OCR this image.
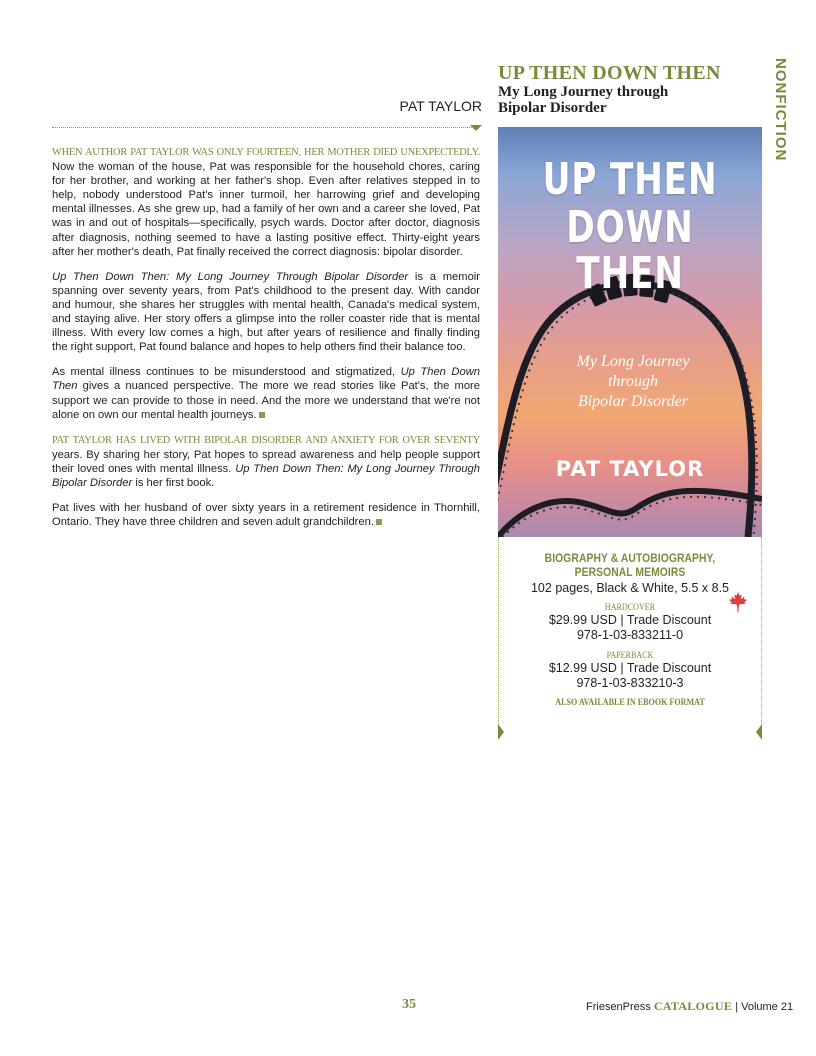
NONFICTION
PAT TAYLOR
UP THEN DOWN THEN
My Long Journey through
Bipolar Disorder

WHEN AUTHOR PAT TAYLOR WAS ONLY FOURTEEN, HER MOTHER DIED UNEXPECTEDLY. Now the woman of the house, Pat was responsible for the household chores, caring for her brother, and working at her father's shop. Even after relatives stepped in to help, nobody understood Pat's inner turmoil, her harrowing grief and developing mental illnesses. As she grew up, had a family of her own and a career she loved, Pat was in and out of hospitals—specifically, psych wards. Doctor after doctor, diagnosis after diagnosis, nothing seemed to have a lasting positive effect. Thirty-eight years after her mother's death, Pat finally received the correct diagnosis: bipolar disorder.

Up Then Down Then: My Long Journey Through Bipolar Disorder is a memoir spanning over seventy years, from Pat's childhood to the present day. With candor and humour, she shares her struggles with mental health, Canada's medical system, and staying alive. Her story offers a glimpse into the roller coaster ride that is mental illness. With every low comes a high, but after years of resilience and finally finding the right support, Pat found balance and hopes to help others find their balance too.

As mental illness continues to be misunderstood and stigmatized, Up Then Down Then gives a nuanced perspective. The more we read stories like Pat's, the more support we can provide to those in need. And the more we understand that we're not alone on own our mental health journeys.

PAT TAYLOR HAS LIVED WITH BIPOLAR DISORDER AND ANXIETY FOR OVER SEVENTY years. By sharing her story, Pat hopes to spread awareness and help people support their loved ones with mental illness. Up Then Down Then: My Long Journey Through Bipolar Disorder is her first book.

Pat lives with her husband of over sixty years in a retirement residence in Thornhill, Ontario. They have three children and seven adult grandchildren.

UP THEN
DOWN THEN
My Long Journey
through
Bipolar Disorder
PAT TAYLOR
BIOGRAPHY & AUTOBIOGRAPHY, PERSONAL MEMOIRS
102 pages, Black & White, 5.5 x 8.5
HARDCOVER
$29.99 USD | Trade Discount
978-1-03-833211-0
PAPERBACK
$12.99 USD | Trade Discount
978-1-03-833210-3
ALSO AVAILABLE IN EBOOK FORMAT
35	FriesenPress CATALOGUE | Volume 21
